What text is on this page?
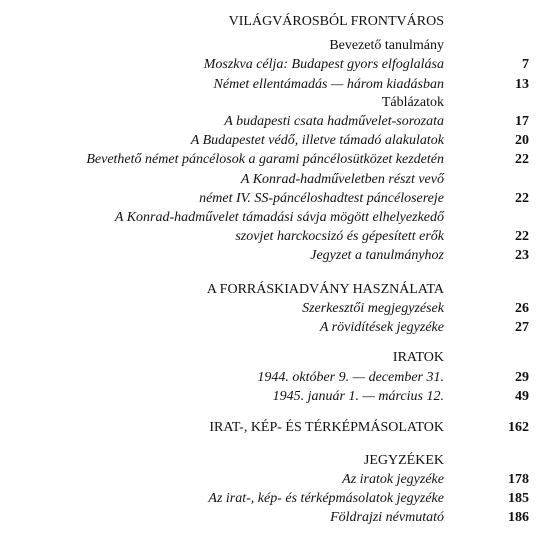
VILÁGVÁROSBÓL FRONTVÁROS
Bevezető tanulmány
Moszkva célja: Budapest gyors elfoglalása	7
Német ellentámadás — három kiadásban	13
Táblázatok
A budapesti csata hadművelet-sorozata	17
A Budapestet védő, illetve támadó alakulatok	20
Bevethető német páncélosok a garami páncélosütközet kezdetén	22
A Konrad-hadműveletben részt vevő
német IV. SS-páncéloshadtest páncélosereje	22
A Konrad-hadművelet támadási sávja mögött elhelyezkedő
szovjet harckocsizó és gépesített erők	22
Jegyzet a tanulmányhoz	23
A FORRÁSKIADVÁNY HASZNÁLATA
Szerkesztői megjegyzések	26
A rövidítések jegyzéke	27
IRATOK
1944. október 9. — december 31.	29
1945. január 1. — március 12.	49
IRAT-, KÉP- ÉS TÉRKÉPMÁSOLATOK	162
JEGYZÉKEK
Az iratok jegyzéke	178
Az irat-, kép- és térképmásolatok jegyzéke	185
Földrajzi névmutató	186
